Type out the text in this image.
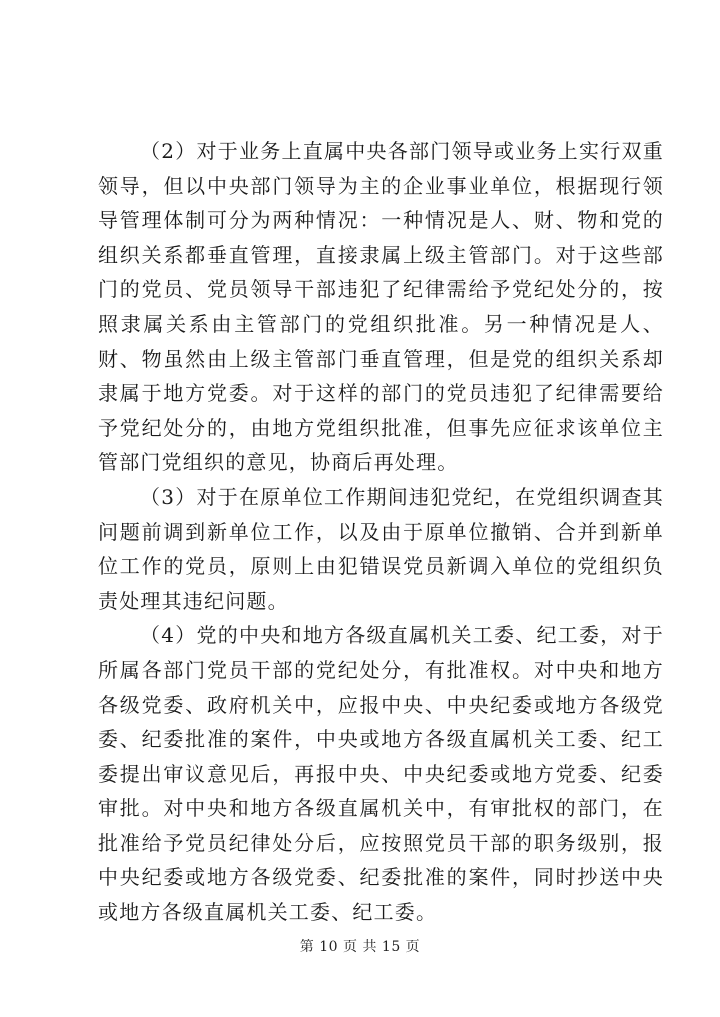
（2）对于业务上直属中央各部门领导或业务上实行双重领导，但以中央部门领导为主的企业事业单位，根据现行领导管理体制可分为两种情况：一种情况是人、财、物和党的组织关系都垂直管理，直接隶属上级主管部门。对于这些部门的党员、党员领导干部违犯了纪律需给予党纪处分的，按照隶属关系由主管部门的党组织批准。另一种情况是人、财、物虽然由上级主管部门垂直管理，但是党的组织关系却隶属于地方党委。对于这样的部门的党员违犯了纪律需要给予党纪处分的，由地方党组织批准，但事先应征求该单位主管部门党组织的意见，协商后再处理。

（3）对于在原单位工作期间违犯党纪，在党组织调查其问题前调到新单位工作，以及由于原单位撤销、合并到新单位工作的党员，原则上由犯错误党员新调入单位的党组织负责处理其违纪问题。

（4）党的中央和地方各级直属机关工委、纪工委，对于所属各部门党员干部的党纪处分，有批准权。对中央和地方各级党委、政府机关中，应报中央、中央纪委或地方各级党委、纪委批准的案件，中央或地方各级直属机关工委、纪工委提出审议意见后，再报中央、中央纪委或地方党委、纪委审批。对中央和地方各级直属机关中，有审批权的部门，在批准给予党员纪律处分后，应按照党员干部的职务级别，报中央纪委或地方各级党委、纪委批准的案件，同时抄送中央或地方各级直属机关工委、纪工委。

第 10 页 共 15 页
